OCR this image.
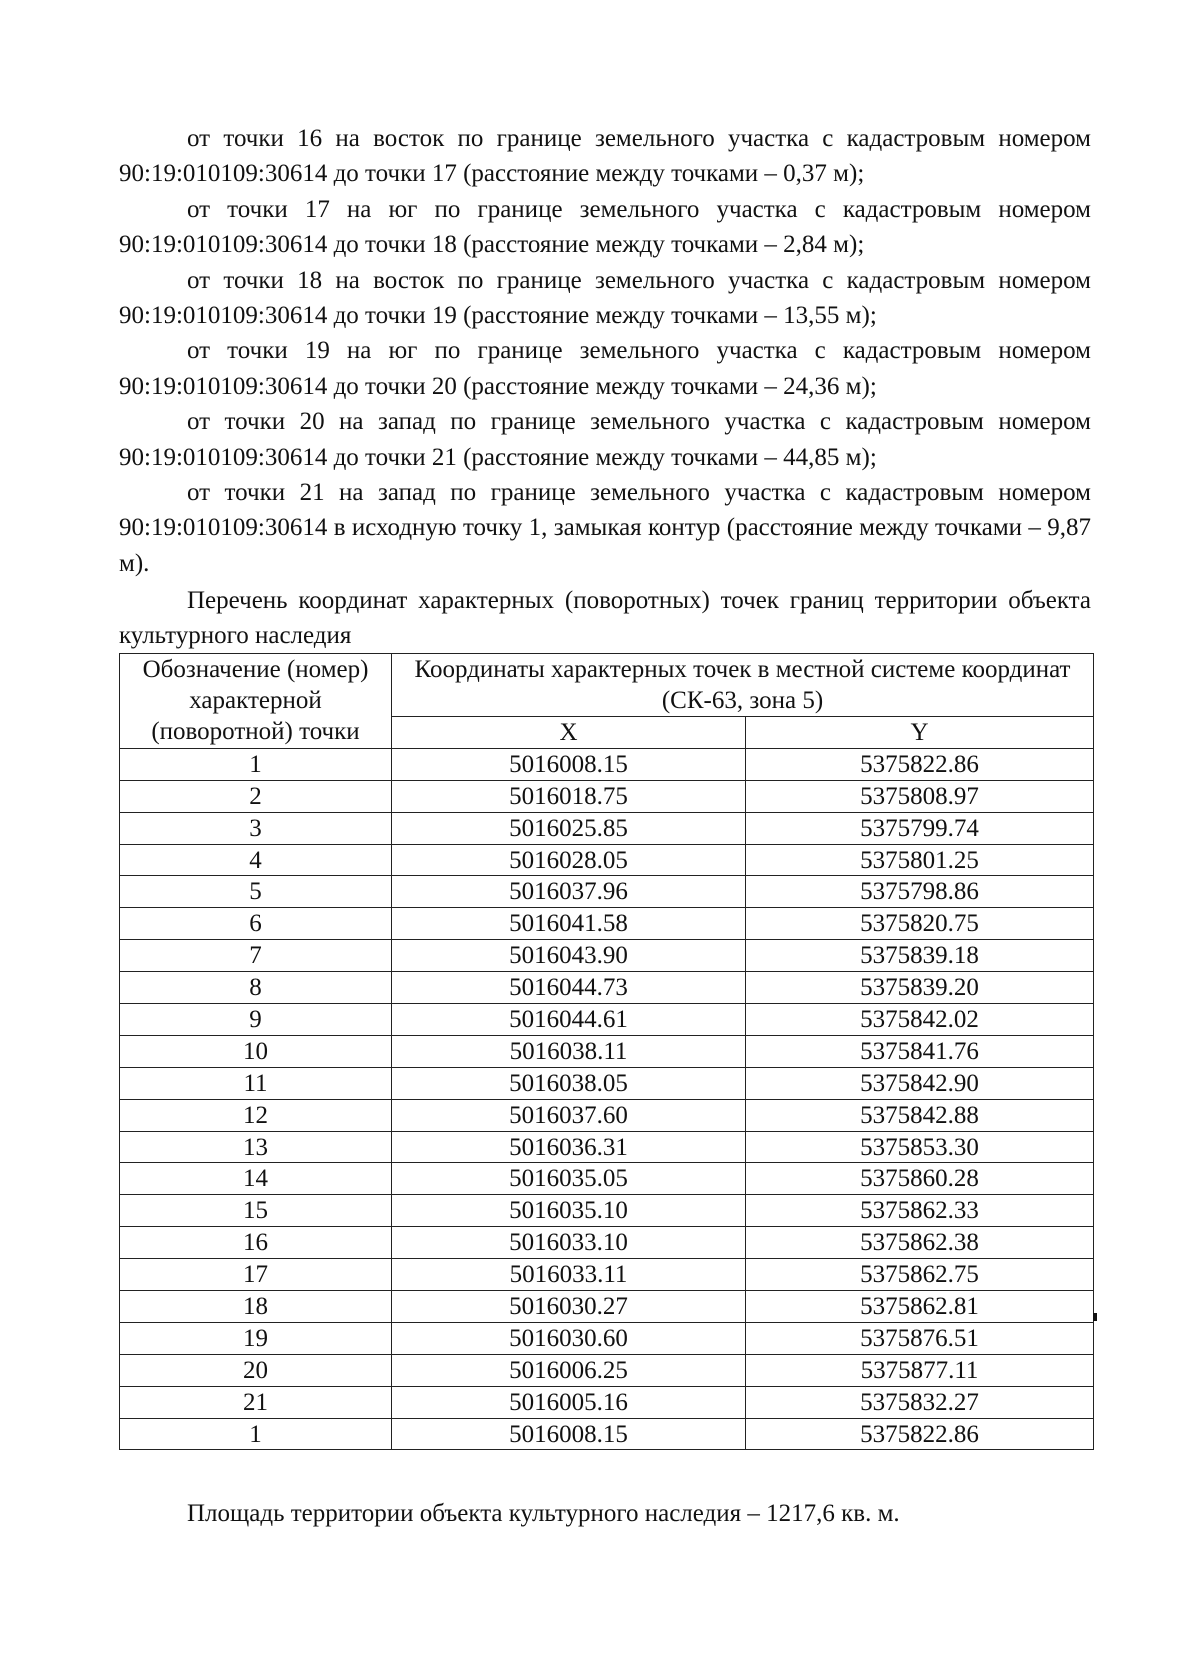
от точки 16 на восток по границе земельного участка с кадастровым номером 90:19:010109:30614 до точки 17 (расстояние между точками – 0,37 м);

от точки 17 на юг по границе земельного участка с кадастровым номером 90:19:010109:30614 до точки 18 (расстояние между точками – 2,84 м);

от точки 18 на восток по границе земельного участка с кадастровым номером 90:19:010109:30614 до точки 19 (расстояние между точками – 13,55 м);

от точки 19 на юг по границе земельного участка с кадастровым номером 90:19:010109:30614 до точки 20 (расстояние между точками – 24,36 м);

от точки 20 на запад по границе земельного участка с кадастровым номером 90:19:010109:30614 до точки 21 (расстояние между точками – 44,85 м);

от точки 21 на запад по границе земельного участка с кадастровым номером 90:19:010109:30614 в исходную точку 1, замыкая контур (расстояние между точками – 9,87 м).

Перечень координат характерных (поворотных) точек границ территории объекта культурного наследия

Обозначение (номер) характерной (поворотной) точки	Координаты характерных точек в местной системе координат (СК-63, зона 5)	
	X	Y
1	5016008.15	5375822.86
2	5016018.75	5375808.97
3	5016025.85	5375799.74
4	5016028.05	5375801.25
5	5016037.96	5375798.86
6	5016041.58	5375820.75
7	5016043.90	5375839.18
8	5016044.73	5375839.20
9	5016044.61	5375842.02
10	5016038.11	5375841.76
11	5016038.05	5375842.90
12	5016037.60	5375842.88
13	5016036.31	5375853.30
14	5016035.05	5375860.28
15	5016035.10	5375862.33
16	5016033.10	5375862.38
17	5016033.11	5375862.75
18	5016030.27	5375862.81
19	5016030.60	5375876.51
20	5016006.25	5375877.11
21	5016005.16	5375832.27
1	5016008.15	5375822.86

Площадь территории объекта культурного наследия – 1217,6 кв. м.
